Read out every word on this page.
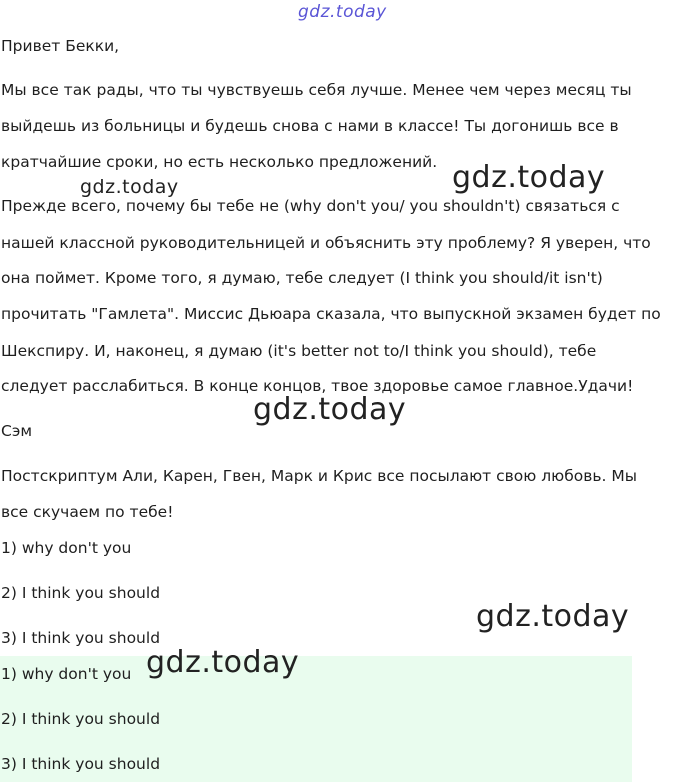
Привет Бекки,

Мы все так рады, что ты чувствуешь себя лучше. Менее чем через месяц ты

выйдешь из больницы и будешь снова с нами в классе! Ты догонишь все в

кратчайшие сроки, но есть несколько предложений.

Прежде всего, почему бы тебе не (why don't you/ you shouldn't) связаться с

нашей классной руководительницей и объяснить эту проблему? Я уверен, что

она поймет. Кроме того, я думаю, тебе следует (I think you should/it isn't)

прочитать "Гамлета". Миссис Дьюара сказала, что выпускной экзамен будет по

Шекспиру. И, наконец, я думаю (it's better not to/I think you should), тебе

следует расслабиться. В конце концов, твое здоровье самое главное.Удачи!

Сэм

Постскриптум Али, Карен, Гвен, Марк и Крис все посылают свою любовь. Мы

все скучаем по тебе!

1) why don't you

2) I think you should

3) I think you should

1) why don't you

2) I think you should

3) I think you should

gdz.today
gdz.today	gdz.today
gdz.today
gdz.today
gdz.today
